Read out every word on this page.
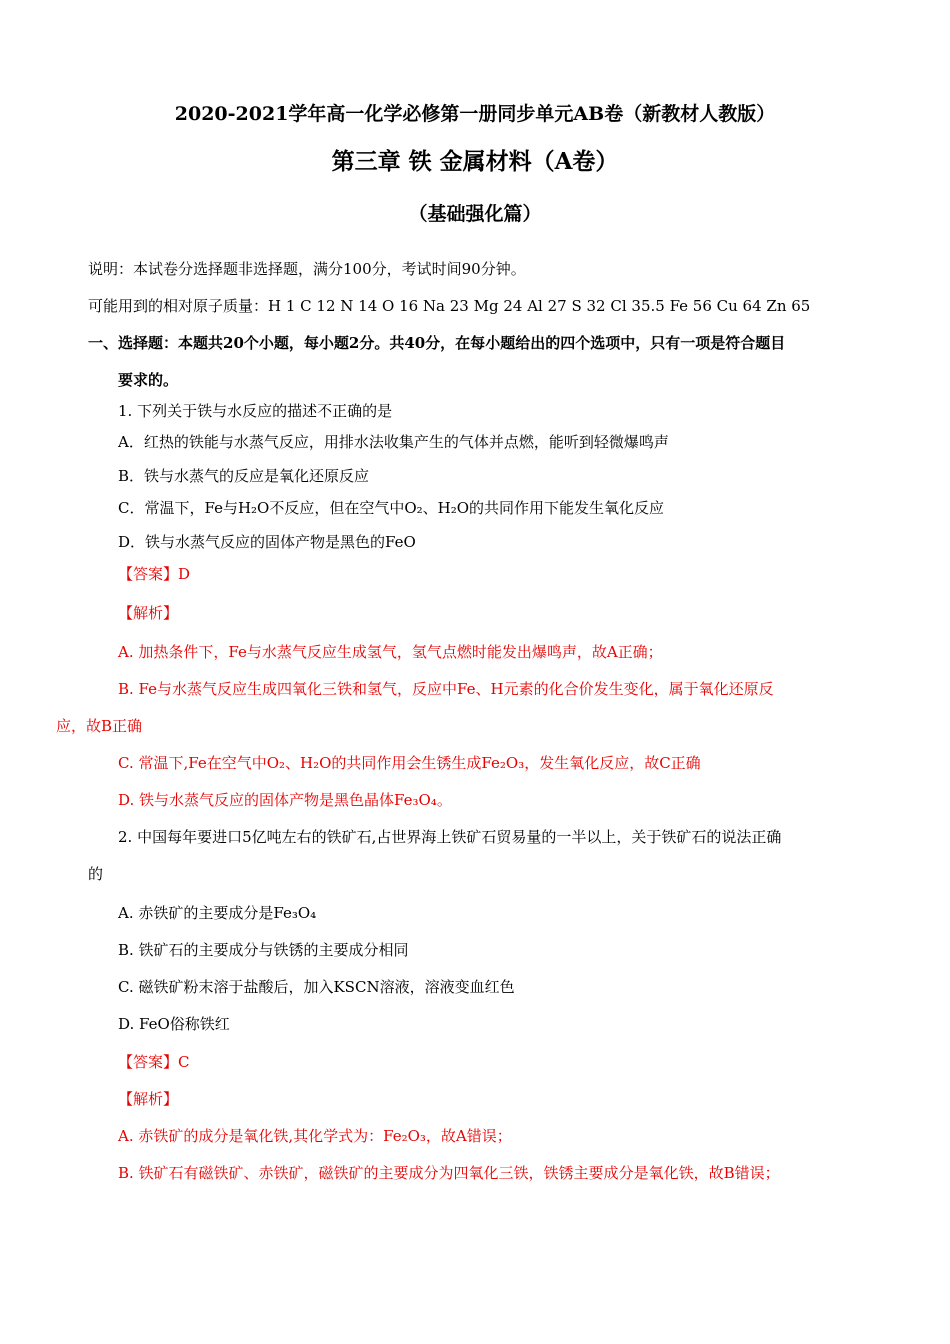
2020-2021学年高一化学必修第一册同步单元AB卷（新教材人教版）
第三章 铁 金属材料（A卷）
（基础强化篇）
说明：本试卷分选择题非选择题，满分100分，考试时间90分钟。
可能用到的相对原子质量：H 1 C 12 N 14 O 16 Na 23 Mg 24 Al 27 S 32 Cl 35.5 Fe 56 Cu 64 Zn 65
一、选择题：本题共20个小题，每小题2分。共40分，在每小题给出的四个选项中，只有一项是符合题目
要求的。
1. 下列关于铁与水反应的描述不正确的是
A．红热的铁能与水蒸气反应，用排水法收集产生的气体并点燃，能听到轻微爆鸣声
B．铁与水蒸气的反应是氧化还原反应
C．常温下，Fe与H₂O不反应，但在空气中O₂、H₂O的共同作用下能发生氧化反应
D．铁与水蒸气反应的固体产物是黑色的FeO
【答案】D
【解析】
A. 加热条件下，Fe与水蒸气反应生成氢气，氢气点燃时能发出爆鸣声，故A正确；
B. Fe与水蒸气反应生成四氧化三铁和氢气，反应中Fe、H元素的化合价发生变化，属于氧化还原反
应，故B正确
C. 常温下,Fe在空气中O₂、H₂O的共同作用会生锈生成Fe₂O₃，发生氧化反应，故C正确
D. 铁与水蒸气反应的固体产物是黑色晶体Fe₃O₄。
2. 中国每年要进口5亿吨左右的铁矿石,占世界海上铁矿石贸易量的一半以上，关于铁矿石的说法正确
的
A. 赤铁矿的主要成分是Fe₃O₄
B. 铁矿石的主要成分与铁锈的主要成分相同
C. 磁铁矿粉末溶于盐酸后，加入KSCN溶液，溶液变血红色
D. FeO俗称铁红
【答案】C
【解析】
A. 赤铁矿的成分是氧化铁,其化学式为：Fe₂O₃，故A错误；
B. 铁矿石有磁铁矿、赤铁矿，磁铁矿的主要成分为四氧化三铁，铁锈主要成分是氧化铁，故B错误；
